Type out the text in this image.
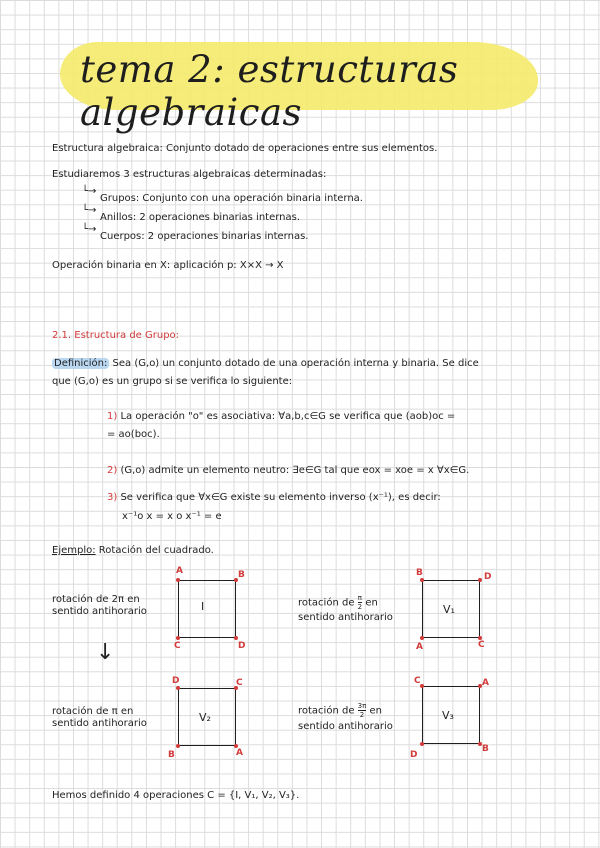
tema 2: estructuras algebraicas
Estructura algebraica: Conjunto dotado de operaciones entre sus elementos.
Estudiaremos 3 estructuras algebraicas determinadas:
└→
Grupos: Conjunto con una operación binaria interna.
└→
Anillos: 2 operaciones binarias internas.
└→
Cuerpos: 2 operaciones binarias internas.
Operación binaria en X: aplicación p: X×X → X
2.1. Estructura de Grupo:
Definición: Sea (G,o) un conjunto dotado de una operación interna y binaria. Se dice
que (G,o) es un grupo si se verifica lo siguiente:
1) La operación "o" es asociativa: ∀a,b,c∈G se verifica que (aob)oc =
= ao(boc).
2) (G,o) admite un elemento neutro: ∃e∈G tal que eox = xoe = x ∀x∈G.
3) Se verifica que ∀x∈G existe su elemento inverso (x⁻¹), es decir:
x⁻¹o x = x o x⁻¹ = e
Ejemplo: Rotación del cuadrado.
rotación de 2π en
sentido antihorario
rotación de $\frac{\pi}{2}$ en
sentido antihorario
↓
rotación de π en
sentido antihorario
rotación de $\frac{3\pi}{2}$ en
sentido antihorario
A	B
C	D
I
B	D
A	C
V₁
D	C
B	A
V₂
C	A
D
B
V₃
Hemos definido 4 operaciones C = {I, V₁, V₂, V₃}.
